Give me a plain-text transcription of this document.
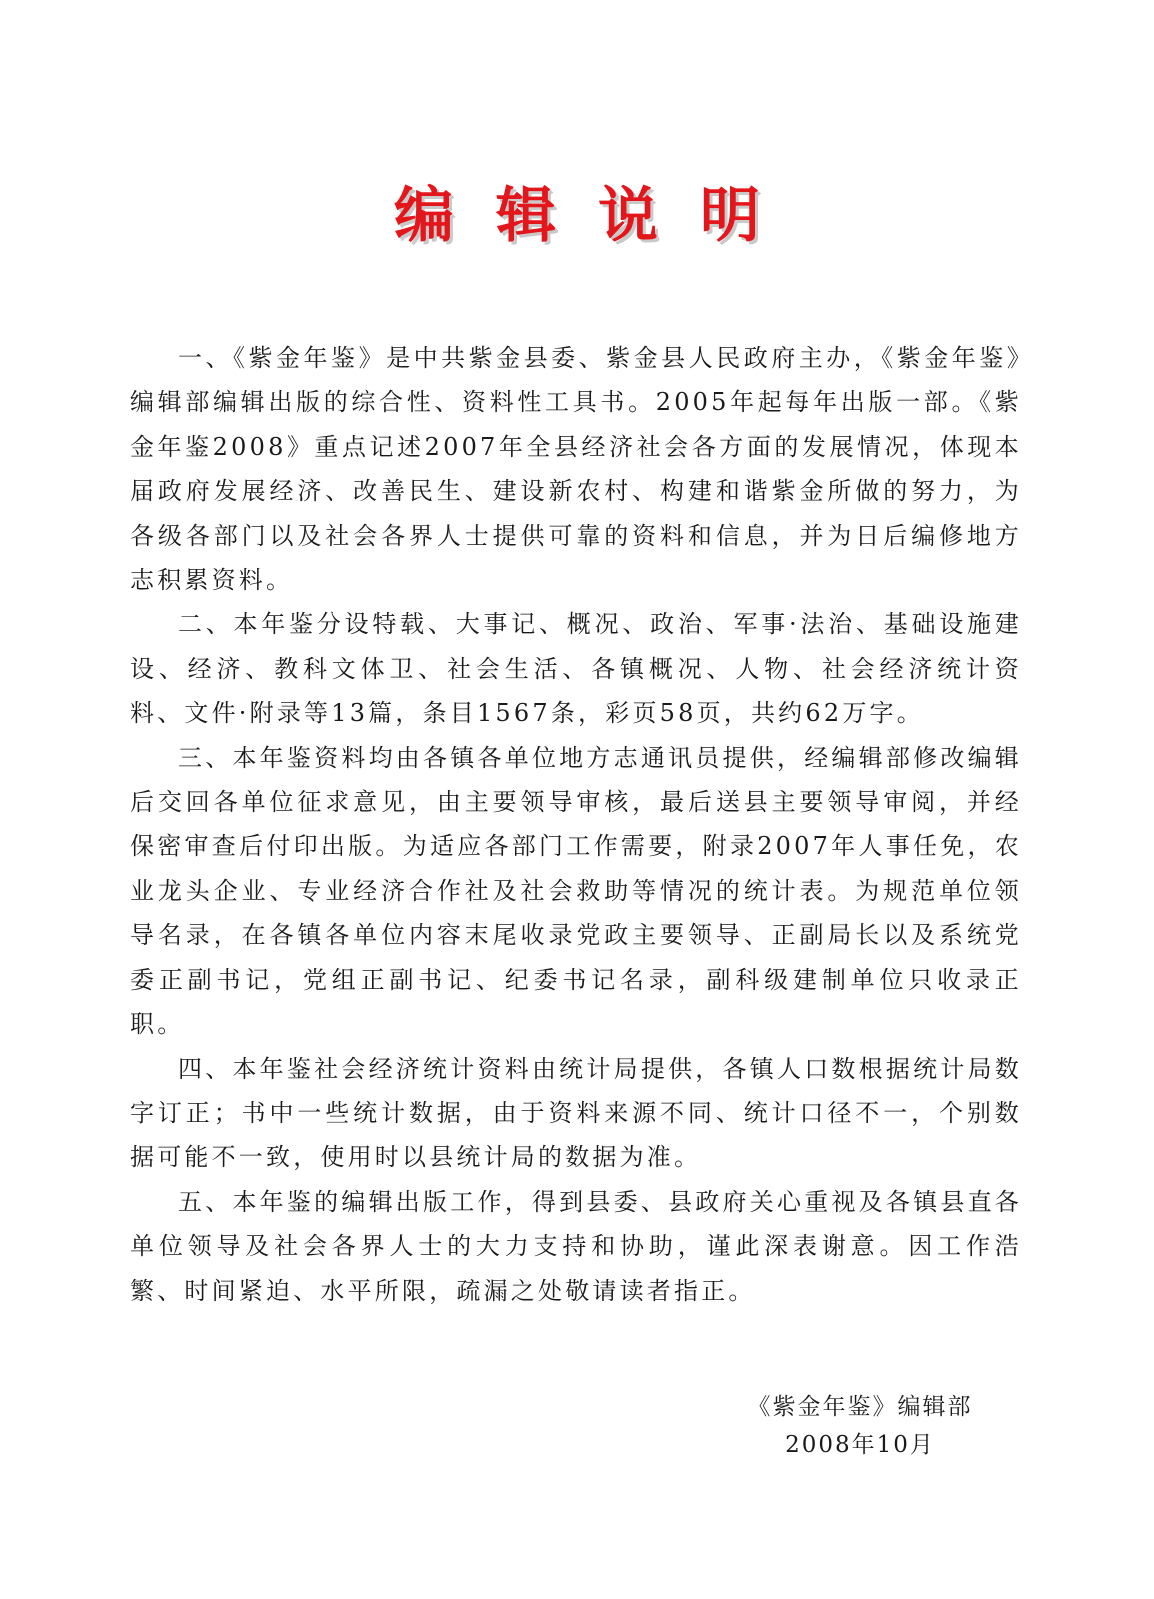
编辑说明

一、《紫金年鉴》是中共紫金县委、紫金县人民政府主办，《紫金年鉴》编辑部编辑出版的综合性、资料性工具书。2005年起每年出版一部。《紫金年鉴2008》重点记述2007年全县经济社会各方面的发展情况，体现本届政府发展经济、改善民生、建设新农村、构建和谐紫金所做的努力，为各级各部门以及社会各界人士提供可靠的资料和信息，并为日后编修地方志积累资料。

二、本年鉴分设特载、大事记、概况、政治、军事·法治、基础设施建设、经济、教科文体卫、社会生活、各镇概况、人物、社会经济统计资料、文件·附录等13篇，条目1567条，彩页58页，共约62万字。

三、本年鉴资料均由各镇各单位地方志通讯员提供，经编辑部修改编辑后交回各单位征求意见，由主要领导审核，最后送县主要领导审阅，并经保密审查后付印出版。为适应各部门工作需要，附录2007年人事任免，农业龙头企业、专业经济合作社及社会救助等情况的统计表。为规范单位领导名录，在各镇各单位内容末尾收录党政主要领导、正副局长以及系统党委正副书记，党组正副书记、纪委书记名录，副科级建制单位只收录正职。

四、本年鉴社会经济统计资料由统计局提供，各镇人口数根据统计局数字订正；书中一些统计数据，由于资料来源不同、统计口径不一，个别数据可能不一致，使用时以县统计局的数据为准。

五、本年鉴的编辑出版工作，得到县委、县政府关心重视及各镇县直各单位领导及社会各界人士的大力支持和协助，谨此深表谢意。因工作浩繁、时间紧迫、水平所限，疏漏之处敬请读者指正。

《紫金年鉴》编辑部
2008年10月
